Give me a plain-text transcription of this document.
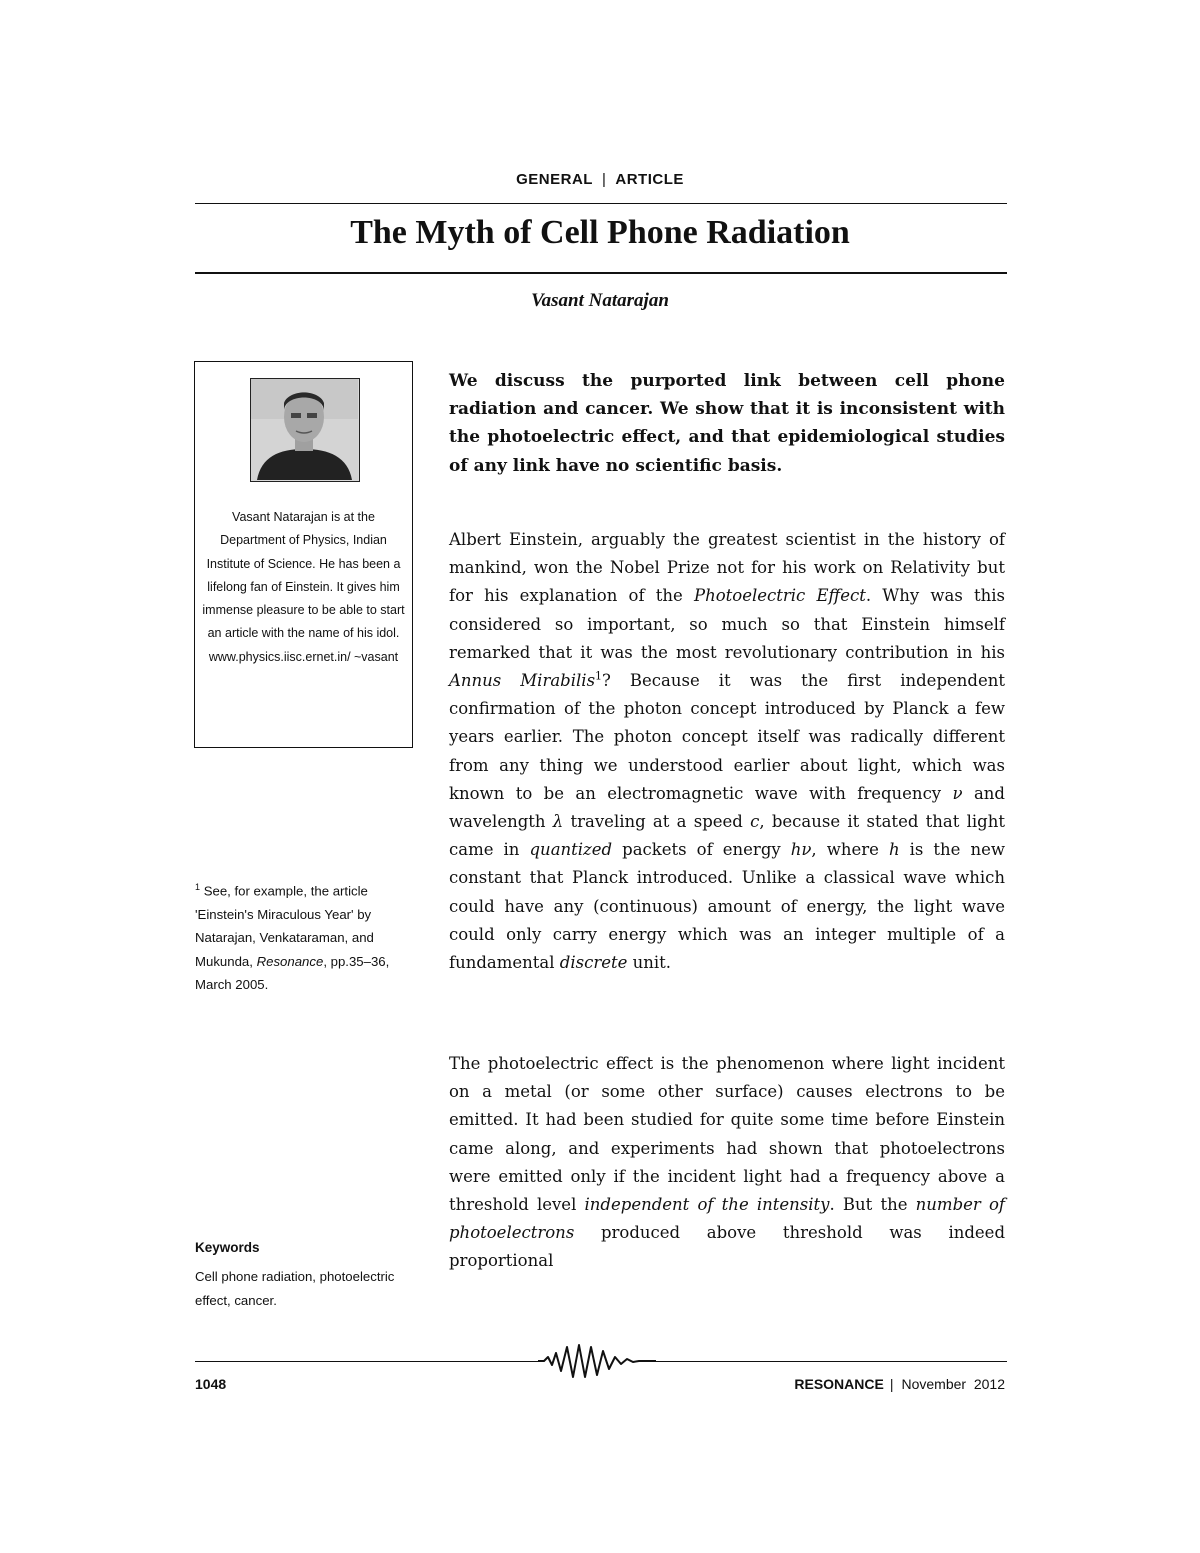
GENERAL | ARTICLE
The Myth of Cell Phone Radiation
Vasant Natarajan
Vasant Natarajan is at the Department of Physics, Indian Institute of Science. He has been a lifelong fan of Einstein. It gives him immense pleasure to be able to start an article with the name of his idol. www.physics.iisc.ernet.in/ ~vasant
$^1$ See, for example, the article 'Einstein's Miraculous Year' by Natarajan, Venkataraman, and Mukunda, Resonance, pp.35–36, March 2005.
Keywords
Cell phone radiation, photoelectric effect, cancer.
We discuss the purported link between cell phone radiation and cancer. We show that it is inconsistent with the photoelectric effect, and that epidemiological studies of any link have no scientific basis.
Albert Einstein, arguably the greatest scientist in the history of mankind, won the Nobel Prize not for his work on Relativity but for his explanation of the Photoelectric Effect. Why was this considered so important, so much so that Einstein himself remarked that it was the most revolutionary contribution in his Annus Mirabilis$^1$? Because it was the first independent confirmation of the photon concept introduced by Planck a few years earlier. The photon concept itself was radically different from any thing we understood earlier about light, which was known to be an electromagnetic wave with frequency ν and wavelength λ traveling at a speed c, because it stated that light came in quantized packets of energy hν, where h is the new constant that Planck introduced. Unlike a classical wave which could have any (continuous) amount of energy, the light wave could only carry energy which was an integer multiple of a fundamental discrete unit.
The photoelectric effect is the phenomenon where light incident on a metal (or some other surface) causes electrons to be emitted. It had been studied for quite some time before Einstein came along, and experiments had shown that photoelectrons were emitted only if the incident light had a frequency above a threshold level independent of the intensity. But the number of photoelectrons produced above threshold was indeed proportional
1048	RESONANCE | November  2012
